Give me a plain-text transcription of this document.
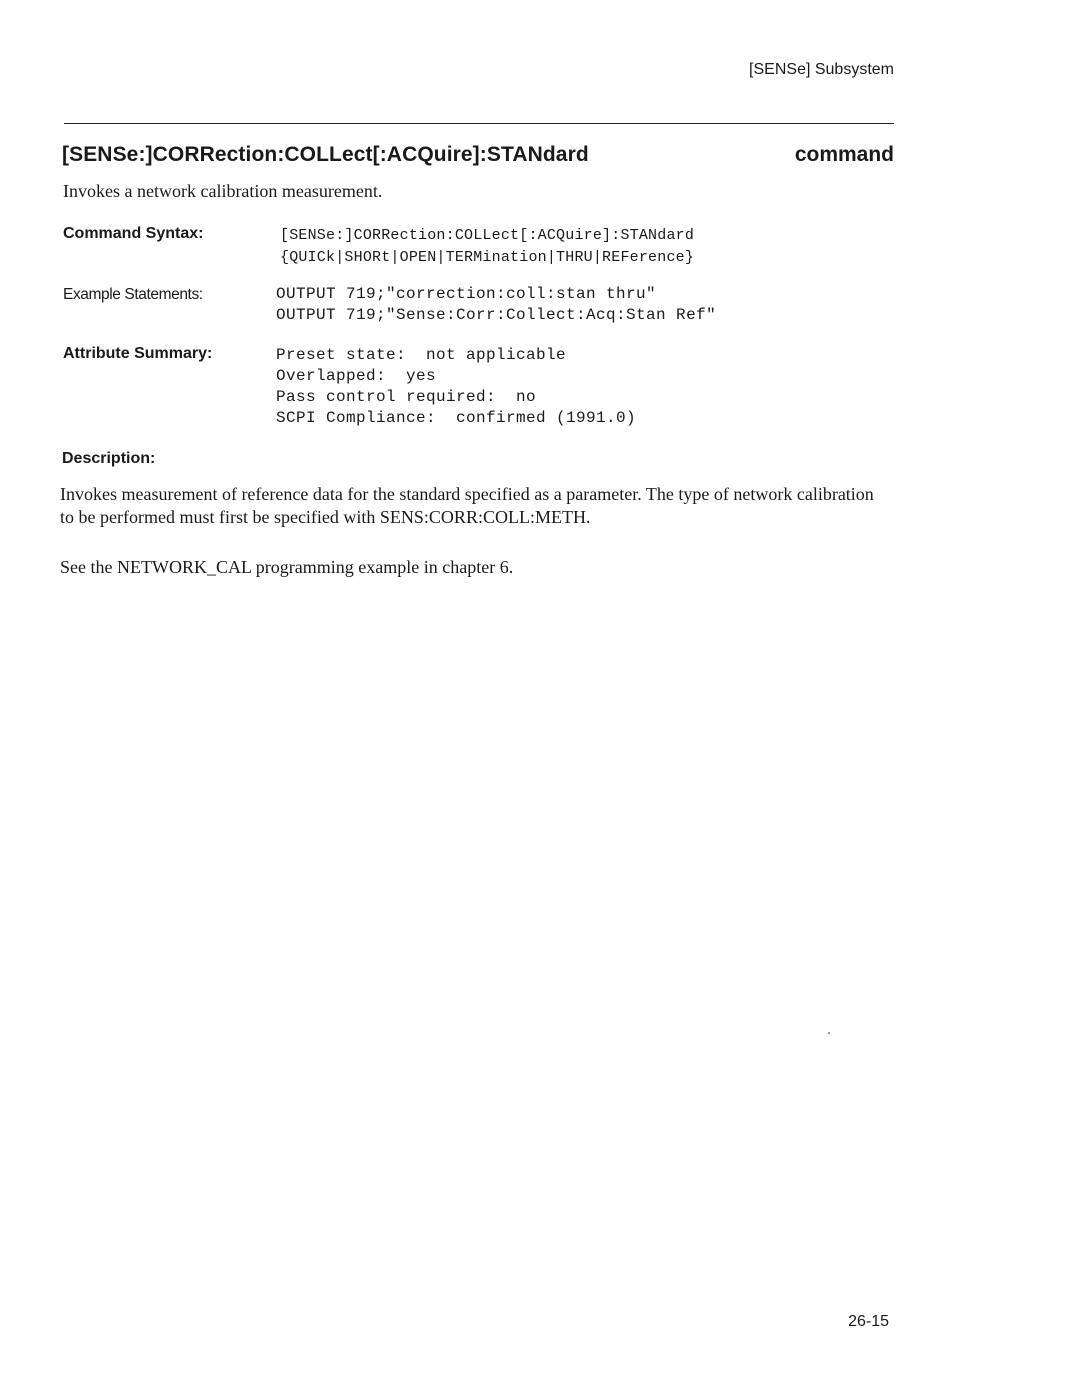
[SENSe] Subsystem
[SENSe:]CORRection:COLLect[:ACQuire]:STANdard	command
Invokes a network calibration measurement.
Command Syntax:	[SENSe:]CORRection:COLLect[:ACQuire]:STANdard
{QUICk|SHORt|OPEN|TERMination|THRU|REFerence}
Example Statements:	OUTPUT 719;"correction:coll:stan thru"
OUTPUT 719;"Sense:Corr:Collect:Acq:Stan Ref"
Attribute Summary:	Preset state:  not applicable
Overlapped:  yes
Pass control required:  no
SCPI Compliance:  confirmed (1991.0)
Description:
Invokes measurement of reference data for the standard specified as a parameter. The type of network calibration to be performed must first be specified with SENS:CORR:COLL:METH.
See the NETWORK_CAL programming example in chapter 6.
26-15
